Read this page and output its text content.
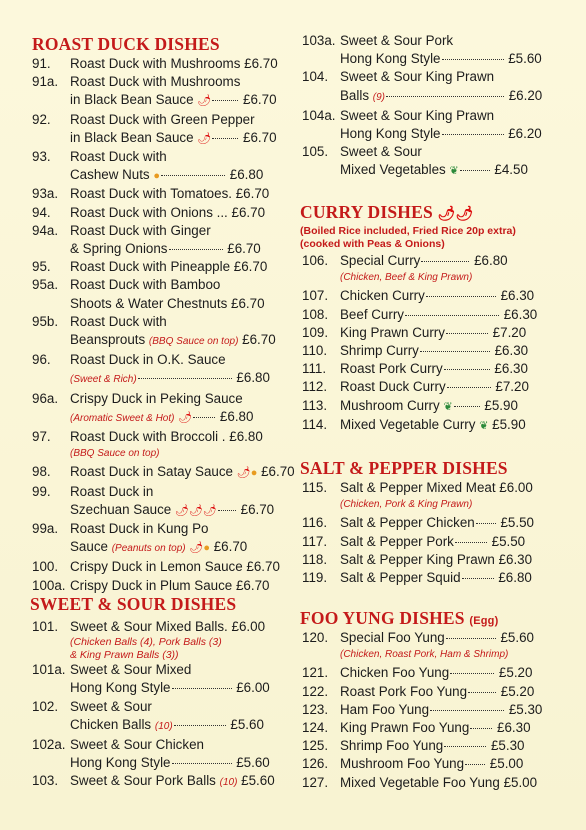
ROAST DUCK DISHES
91. Roast Duck with Mushrooms £6.70
91a. Roast Duck with Mushrooms
in Black Bean Sauce 🌶 £6.70
92. Roast Duck with Green Pepper
in Black Bean Sauce 🌶 £6.70
93. Roast Duck with
Cashew Nuts ●	£6.80
93a. Roast Duck with Tomatoes. £6.70
94. Roast Duck with Onions ... £6.70
94a. Roast Duck with Ginger
& Spring Onions	£6.70
95. Roast Duck with Pineapple £6.70
95a. Roast Duck with Bamboo
Shoots & Water Chestnuts £6.70
95b. Roast Duck with
Beansprouts (BBQ Sauce on top) £6.70
96. Roast Duck in O.K. Sauce
(Sweet & Rich)	£6.80
96a. Crispy Duck in Peking Sauce
(Aromatic Sweet & Hot) 🌶 £6.80
97. Roast Duck with Broccoli . £6.80
(BBQ Sauce on top)
98. Roast Duck in Satay Sauce 🌶● £6.70
99. Roast Duck in
Szechuan Sauce 🌶🌶🌶 £6.70
99a. Roast Duck in Kung Po
Sauce (Peanuts on top) 🌶● £6.70
100. Crispy Duck in Lemon Sauce £6.70
100a. Crispy Duck in Plum Sauce £6.70
SWEET & SOUR DISHES
101. Sweet & Sour Mixed Balls. £6.00
(Chicken Balls (4), Pork Balls (3)
& King Prawn Balls (3))
101a. Sweet & Sour Mixed
Hong Kong Style	£6.00
102. Sweet & Sour
Chicken Balls (10)	£5.60
102a. Sweet & Sour Chicken
Hong Kong Style	£5.60
103. Sweet & Sour Pork Balls (10) £5.60
103a. Sweet & Sour Pork
Hong Kong Style	£5.60
104. Sweet & Sour King Prawn
Balls (9)	£6.20
104a. Sweet & Sour King Prawn
Hong Kong Style	£6.20
105. Sweet & Sour
Mixed Vegetables ❦	£4.50
CURRY DISHES 🌶🌶
(Boiled Rice included, Fried Rice 20p extra)
(cooked with Peas & Onions)
106. Special Curry	£6.80
(Chicken, Beef & King Prawn)
107. Chicken Curry	£6.30
108. Beef Curry	£6.30
109. King Prawn Curry	£7.20
110. Shrimp Curry	£6.30
111. Roast Pork Curry	£6.30
112. Roast Duck Curry	£7.20
113. Mushroom Curry ❦ £5.90
114. Mixed Vegetable Curry ❦ £5.90
SALT & PEPPER DISHES
115. Salt & Pepper Mixed Meat £6.00
(Chicken, Pork & King Prawn)
116. Salt & Pepper Chicken £5.50
117. Salt & Pepper Pork	£5.50
118. Salt & Pepper King Prawn £6.30
119. Salt & Pepper Squid	£6.80
FOO YUNG DISHES (Egg)
120. Special Foo Yung	£5.60
(Chicken, Roast Pork, Ham & Shrimp)
121. Chicken Foo Yung	£5.20
122. Roast Pork Foo Yung	£5.20
123. Ham Foo Yung	£5.30
124. King Prawn Foo Yung £6.30
125. Shrimp Foo Yung	£5.30
126. Mushroom Foo Yung £5.00
127. Mixed Vegetable Foo Yung £5.00
